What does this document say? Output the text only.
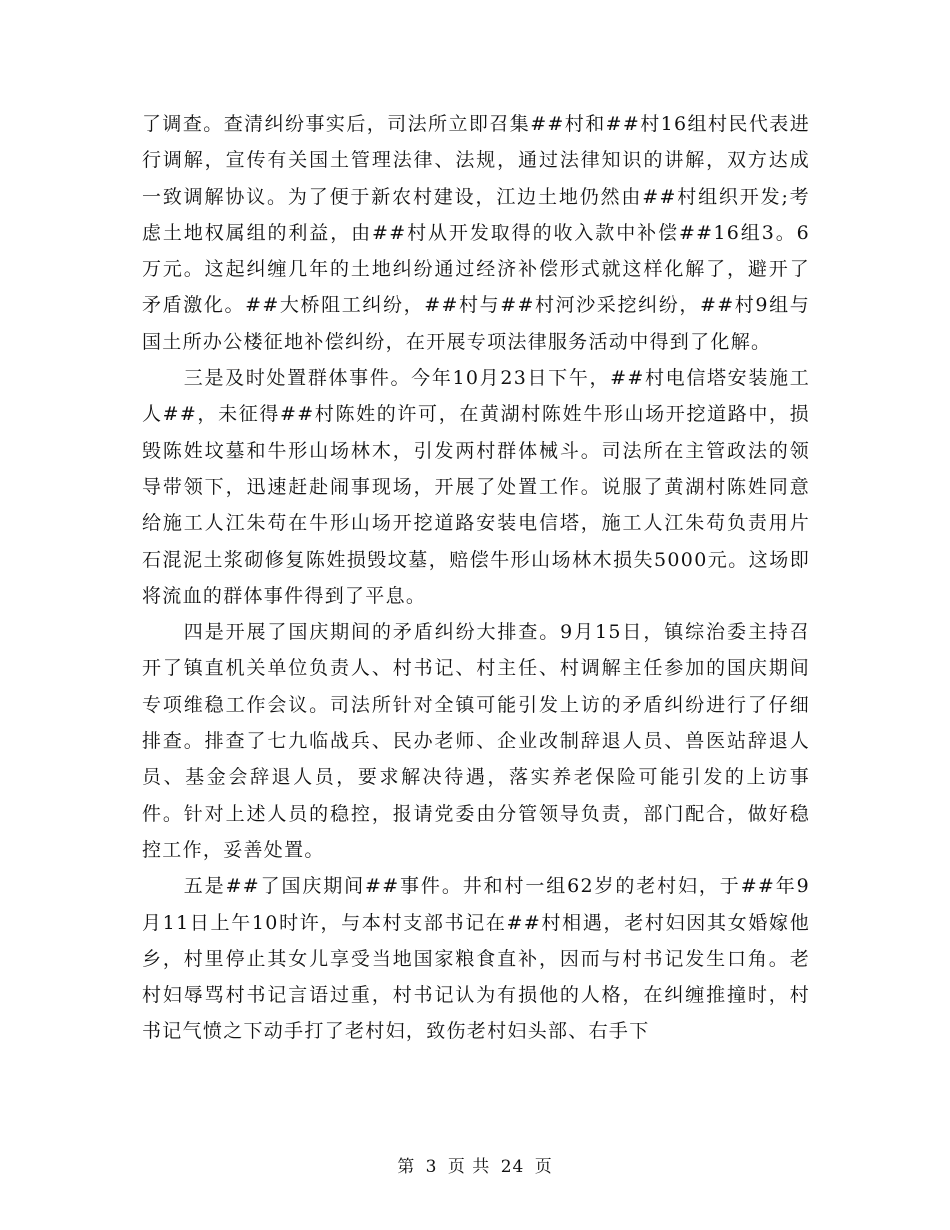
了调查。查清纠纷事实后，司法所立即召集##村和##村16组村民代表进行调解，宣传有关国土管理法律、法规，通过法律知识的讲解，双方达成一致调解协议。为了便于新农村建设，江边土地仍然由##村组织开发;考虑土地权属组的利益，由##村从开发取得的收入款中补偿##16组3。6万元。这起纠缠几年的土地纠纷通过经济补偿形式就这样化解了，避开了矛盾激化。##大桥阻工纠纷，##村与##村河沙采挖纠纷，##村9组与国土所办公楼征地补偿纠纷，在开展专项法律服务活动中得到了化解。

三是及时处置群体事件。今年10月23日下午，##村电信塔安装施工人##，未征得##村陈姓的许可，在黄湖村陈姓牛形山场开挖道路中，损毁陈姓坟墓和牛形山场林木，引发两村群体械斗。司法所在主管政法的领导带领下，迅速赶赴闹事现场，开展了处置工作。说服了黄湖村陈姓同意给施工人江朱苟在牛形山场开挖道路安装电信塔，施工人江朱苟负责用片石混泥土浆砌修复陈姓损毁坟墓，赔偿牛形山场林木损失5000元。这场即将流血的群体事件得到了平息。

四是开展了国庆期间的矛盾纠纷大排查。9月15日，镇综治委主持召开了镇直机关单位负责人、村书记、村主任、村调解主任参加的国庆期间专项维稳工作会议。司法所针对全镇可能引发上访的矛盾纠纷进行了仔细排查。排查了七九临战兵、民办老师、企业改制辞退人员、兽医站辞退人员、基金会辞退人员，要求解决待遇，落实养老保险可能引发的上访事件。针对上述人员的稳控，报请党委由分管领导负责，部门配合，做好稳控工作，妥善处置。

五是##了国庆期间##事件。井和村一组62岁的老村妇，于##年9月11日上午10时许，与本村支部书记在##村相遇，老村妇因其女婚嫁他乡，村里停止其女儿享受当地国家粮食直补，因而与村书记发生口角。老村妇辱骂村书记言语过重，村书记认为有损他的人格，在纠缠推撞时，村书记气愤之下动手打了老村妇，致伤老村妇头部、右手下

第 3 页 共 24 页
